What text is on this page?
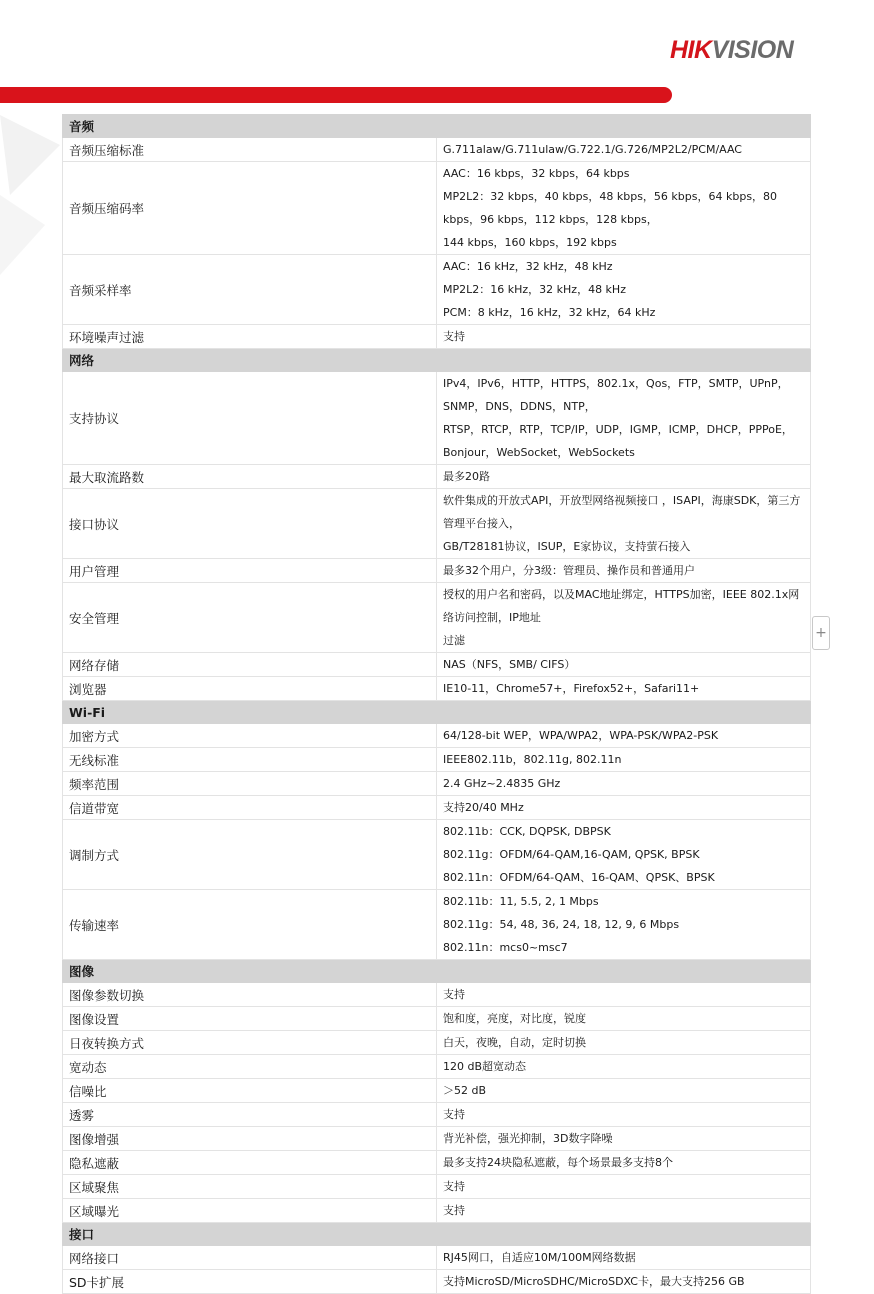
HIKVISION
+
音频	
音频压缩标准	G.711alaw/G.711ulaw/G.722.1/G.726/MP2L2/PCM/AAC

音频压缩码率	AAC：16 kbps，32 kbps，64 kbps
MP2L2：32 kbps，40 kbps，48 kbps，56 kbps，64 kbps，80 kbps，96 kbps，112 kbps，128 kbps，
144 kbps，160 kbps，192 kbps

音频采样率	AAC：16 kHz，32 kHz，48 kHz
MP2L2：16 kHz，32 kHz，48 kHz
PCM：8 kHz，16 kHz，32 kHz，64 kHz

环境噪声过滤	支持

网络	
支持协议	IPv4，IPv6，HTTP，HTTPS，802.1x，Qos，FTP，SMTP，UPnP，SNMP，DNS，DDNS，NTP，
RTSP，RTCP，RTP，TCP/IP，UDP，IGMP，ICMP，DHCP，PPPoE，Bonjour，WebSocket，WebSockets

最大取流路数	最多20路

接口协议	软件集成的开放式API，开放型网络视频接口 ，ISAPI，海康SDK，第三方管理平台接入，
GB/T28181协议，ISUP，E家协议，支持萤石接入

用户管理	最多32个用户，分3级：管理员、操作员和普通用户

安全管理	授权的用户名和密码，以及MAC地址绑定，HTTPS加密，IEEE 802.1x网络访问控制，IP地址
过滤

网络存储	NAS（NFS，SMB/ CIFS）

浏览器	IE10-11，Chrome57+，Firefox52+，Safari11+

Wi-Fi	
加密方式	64/128-bit WEP，WPA/WPA2，WPA-PSK/WPA2-PSK

无线标准	IEEE802.11b，802.11g, 802.11n

频率范围	2.4 GHz~2.4835 GHz

信道带宽	支持20/40 MHz

调制方式	802.11b：CCK, DQPSK, DBPSK
802.11g：OFDM/64-QAM,16-QAM, QPSK, BPSK
802.11n：OFDM/64-QAM、16-QAM、QPSK、BPSK

传输速率	802.11b：11, 5.5, 2, 1 Mbps
802.11g：54, 48, 36, 24, 18, 12, 9, 6 Mbps
802.11n：mcs0~msc7

图像	
图像参数切换	支持

图像设置	饱和度，亮度，对比度，锐度

日夜转换方式	白天，夜晚，自动，定时切换

宽动态	120 dB超宽动态

信噪比	＞52 dB

透雾	支持

图像增强	背光补偿，强光抑制，3D数字降噪

隐私遮蔽	最多支持24块隐私遮蔽，每个场景最多支持8个

区域聚焦	支持

区域曝光	支持

接口	
网络接口	RJ45网口，自适应10M/100M网络数据

SD卡扩展	支持MicroSD/MicroSDHC/MicroSDXC卡，最大支持256 GB
